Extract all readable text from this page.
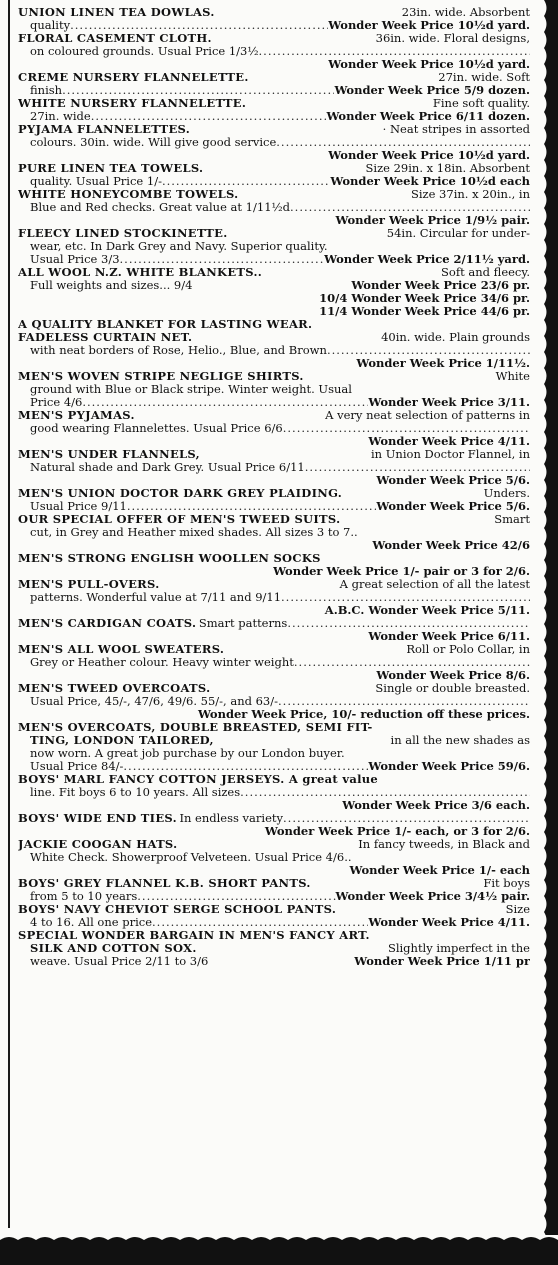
UNION LINEN TEA DOWLAS.	23in. wide. Absorbent
quality .....	Wonder Week Price 10½d yard.
FLORAL CASEMENT CLOTH.	36in. wide. Floral designs,
on coloured grounds. Usual Price 1/3½
.....
Wonder Week Price 10½d yard.
CREME NURSERY FLANNELETTE.	27in. wide. Soft
finish .....	Wonder Week Price 5/9 dozen.
WHITE NURSERY FLANNELETTE.	Fine soft quality.
27in. wide .....	Wonder Week Price 6/11 dozen.
PYJAMA FLANNELETTES.	· Neat stripes in assorted
colours. 30in. wide. Will give good service
.....
Wonder Week Price 10½d yard.
PURE LINEN TEA TOWELS.	Size 29in. x 18in. Absorbent
quality. Usual Price 1/- .....	Wonder Week Price 10½d each
WHITE HONEYCOMBE TOWELS.	Size 37in. x 20in., in
Blue and Red checks. Great value at 1/11½d
.....
Wonder Week Price 1/9½ pair.
FLEECY LINED STOCKINETTE.	54in. Circular for under-
wear, etc. In Dark Grey and Navy. Superior quality.
Usual Price 3/3 .....	Wonder Week Price 2/11½ yard.
ALL WOOL N.Z. WHITE BLANKETS..	Soft and fleecy.
Full weights and sizes... 9/4	Wonder Week Price 23/6 pr.
10/4 Wonder Week Price 34/6 pr.
11/4 Wonder Week Price 44/6 pr.
A QUALITY BLANKET FOR LASTING WEAR.
FADELESS CURTAIN NET.	40in. wide. Plain grounds
with neat borders of Rose, Helio., Blue, and Brown
.....
Wonder Week Price 1/11½.
MEN'S WOVEN STRIPE NEGLIGE SHIRTS.	White
ground with Blue or Black stripe. Winter weight. Usual
Price 4/6 .....	Wonder Week Price 3/11.
MEN'S PYJAMAS.	A very neat selection of patterns in
good wearing Flannelettes. Usual Price 6/6
.....
Wonder Week Price 4/11.
MEN'S UNDER FLANNELS,	in Union Doctor Flannel, in
Natural shade and Dark Grey. Usual Price 6/11
.....
Wonder Week Price 5/6.
MEN'S UNION DOCTOR DARK GREY PLAIDING.	Unders.
Usual Price 9/11 .....	Wonder Week Price 5/6.
OUR SPECIAL OFFER OF MEN'S TWEED SUITS.	Smart
cut, in Grey and Heather mixed shades. All sizes 3 to 7..
Wonder Week Price 42/6
MEN'S STRONG ENGLISH WOOLLEN SOCKS
Wonder Week Price 1/- pair or 3 for 2/6.
MEN'S PULL-OVERS.	A great selection of all the latest
patterns. Wonderful value at 7/11 and 9/11
.....
A.B.C. Wonder Week Price 5/11.
MEN'S CARDIGAN COATS. Smart patterns
.....
Wonder Week Price 6/11.
MEN'S ALL WOOL SWEATERS.	Roll or Polo Collar, in
Grey or Heather colour. Heavy winter weight
.....
Wonder Week Price 8/6.
MEN'S TWEED OVERCOATS.	Single or double breasted.
Usual Price, 45/-, 47/6, 49/6. 55/-, and 63/-
.....
Wonder Week Price, 10/- reduction off these prices.
MEN'S OVERCOATS, DOUBLE BREASTED, SEMI FIT-
TING, LONDON TAILORED,	in all the new shades as
now worn. A great job purchase by our London buyer.
Usual Price 84/- .....	Wonder Week Price 59/6.
BOYS' MARL FANCY COTTON JERSEYS. A great value
line. Fit boys 6 to 10 years. All sizes
.....
Wonder Week Price 3/6 each.
BOYS' WIDE END TIES. In endless variety
.....
Wonder Week Price 1/- each, or 3 for 2/6.
JACKIE COOGAN HATS.	In fancy tweeds, in Black and
White Check. Showerproof Velveteen. Usual Price 4/6..
Wonder Week Price 1/- each
BOYS' GREY FLANNEL K.B. SHORT PANTS.	Fit boys
from 5 to 10 years .....	Wonder Week Price 3/4½ pair.
BOYS' NAVY CHEVIOT SERGE SCHOOL PANTS.	Size
4 to 16. All one price .....	Wonder Week Price 4/11.
SPECIAL WONDER BARGAIN IN MEN'S FANCY ART.
SILK AND COTTON SOX.	Slightly imperfect in the
weave. Usual Price 2/11 to 3/6	Wonder Week Price 1/11 pr
